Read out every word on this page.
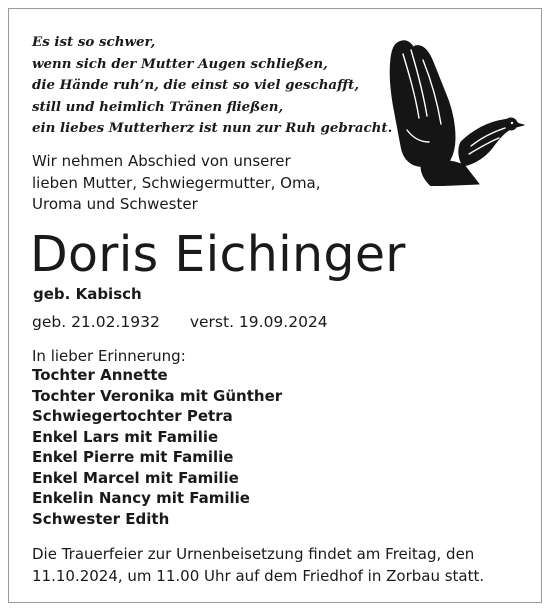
Es ist so schwer,
wenn sich der Mutter Augen schließen,
die Hände ruh’n, die einst so viel geschafft,
still und heimlich Tränen fließen,
ein liebes Mutterherz ist nun zur Ruh gebracht.
Wir nehmen Abschied von unserer
lieben Mutter, Schwiegermutter, Oma,
Uroma und Schwester
Doris Eichinger

geb. Kabisch

geb. 21.02.1932 verst. 19.09.2024

In lieber Erinnerung:

Tochter Annette
Tochter Veronika mit Günther
Schwiegertochter Petra
Enkel Lars mit Familie
Enkel Pierre mit Familie
Enkel Marcel mit Familie
Enkelin Nancy mit Familie
Schwester Edith
Die Trauerfeier zur Urnenbeisetzung findet am Freitag, den
11.10.2024, um 11.00 Uhr auf dem Friedhof in Zorbau statt.
